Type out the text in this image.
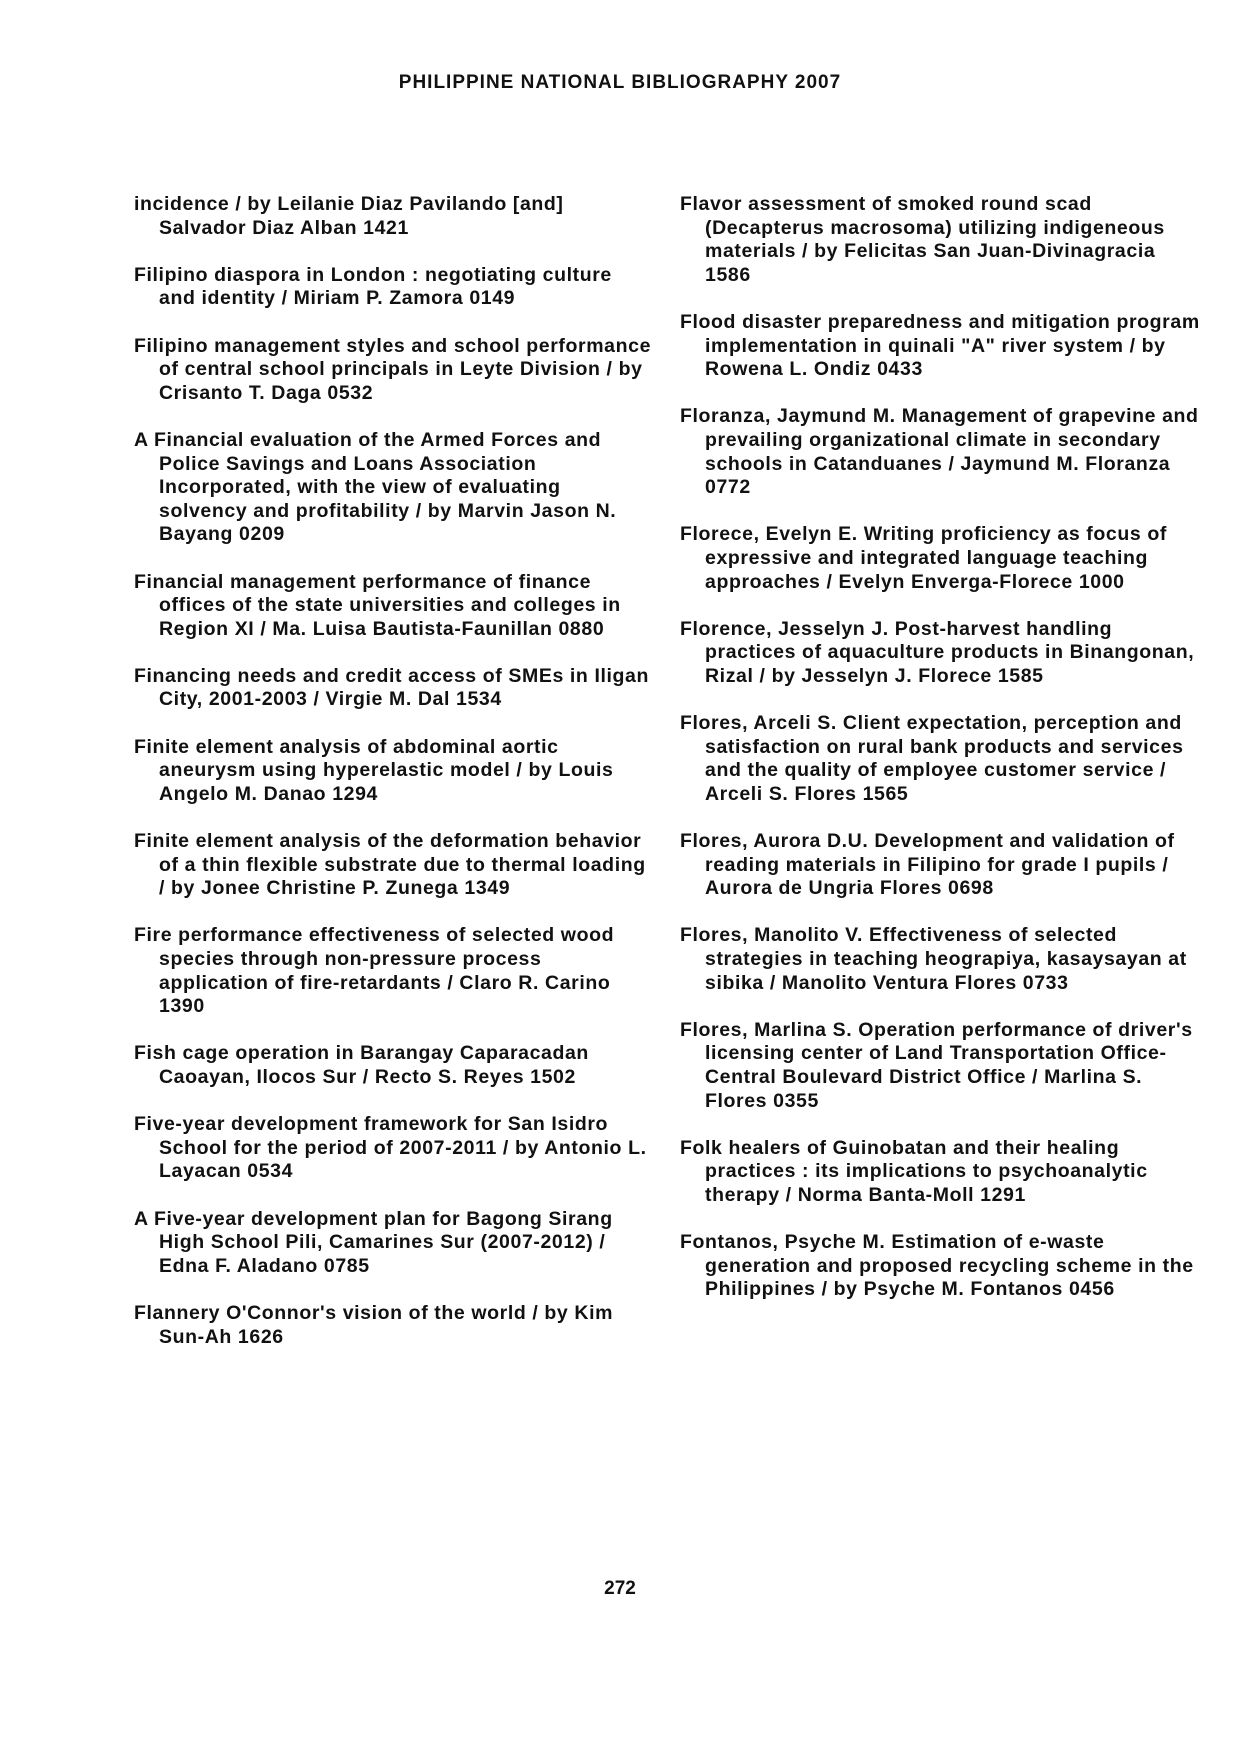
PHILIPPINE NATIONAL BIBLIOGRAPHY 2007

incidence / by Leilanie Diaz Pavilando [and] Salvador Diaz Alban 1421

Filipino diaspora in London : negotiating culture and identity / Miriam P. Zamora 0149

Filipino management styles and school performance of central school principals in Leyte Division / by Crisanto T. Daga 0532

A Financial evaluation of the Armed Forces and Police Savings and Loans Association Incorporated, with the view of evaluating solvency and profitability / by Marvin Jason N. Bayang 0209

Financial management performance of finance offices of the state universities and colleges in Region XI / Ma. Luisa Bautista-Faunillan 0880

Financing needs and credit access of SMEs in Iligan City, 2001-2003 / Virgie M. Dal 1534

Finite element analysis of abdominal aortic aneurysm using hyperelastic model / by Louis Angelo M. Danao 1294

Finite element analysis of the deformation behavior of a thin flexible substrate due to thermal loading / by Jonee Christine P. Zunega 1349

Fire performance effectiveness of selected wood species through non-pressure process application of fire-retardants / Claro R. Carino 1390

Fish cage operation in Barangay Caparacadan Caoayan, Ilocos Sur / Recto S. Reyes 1502

Five-year development framework for San Isidro School for the period of 2007-2011 / by Antonio L. Layacan 0534

A Five-year development plan for Bagong Sirang High School Pili, Camarines Sur (2007-2012) / Edna F. Aladano 0785

Flannery O'Connor's vision of the world / by Kim Sun-Ah 1626

Flavor assessment of smoked round scad (Decapterus macrosoma) utilizing indigeneous materials / by Felicitas San Juan-Divinagracia 1586

Flood disaster preparedness and mitigation program implementation in quinali "A" river system / by Rowena L. Ondiz 0433

Floranza, Jaymund M. Management of grapevine and prevailing organizational climate in secondary schools in Catanduanes / Jaymund M. Floranza 0772

Florece, Evelyn E. Writing proficiency as focus of expressive and integrated language teaching approaches / Evelyn Enverga-Florece 1000

Florence, Jesselyn J. Post-harvest handling practices of aquaculture products in Binangonan, Rizal / by Jesselyn J. Florece 1585

Flores, Arceli S. Client expectation, perception and satisfaction on rural bank products and services and the quality of employee customer service / Arceli S. Flores 1565

Flores, Aurora D.U. Development and validation of reading materials in Filipino for grade I pupils / Aurora de Ungria Flores 0698

Flores, Manolito V. Effectiveness of selected strategies in teaching heograpiya, kasaysayan at sibika / Manolito Ventura Flores 0733

Flores, Marlina S. Operation performance of driver's licensing center of Land Transportation Office-Central Boulevard District Office / Marlina S. Flores 0355

Folk healers of Guinobatan and their healing practices : its implications to psychoanalytic therapy / Norma Banta-Moll 1291

Fontanos, Psyche M. Estimation of e-waste generation and proposed recycling scheme in the Philippines / by Psyche M. Fontanos 0456

272
